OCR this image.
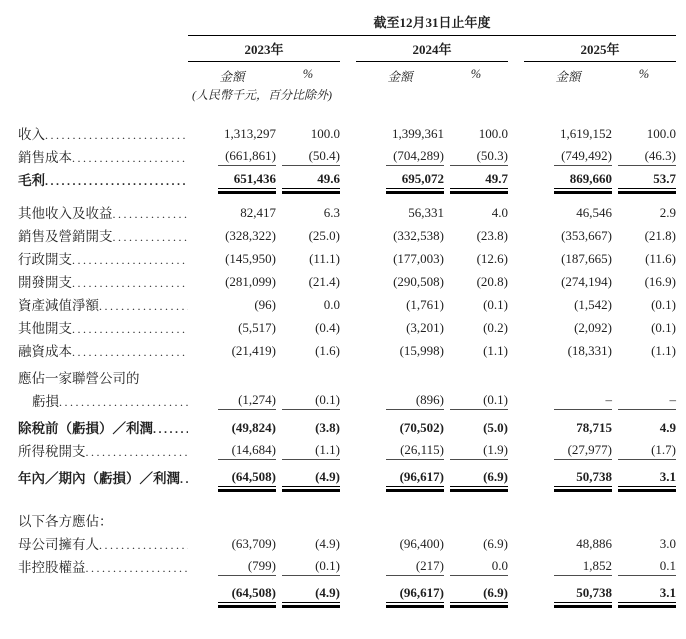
截至12月31日止年度
2023年	2024年	2025年
金額	%	金額	%	金額	%
(人民幣千元，百分比除外)
收入 .....	1,313,297	100.0	1,399,361	100.0	1,619,152	100.0
銷售成本 .....	(661,861)	(50.4)	(704,289)	(50.3)	(749,492)	(46.3)
毛利 .....	651,436	49.6	695,072	49.7	869,660	53.7
其他收入及收益 .....	82,417	6.3	56,331	4.0	46,546	2.9
銷售及營銷開支 .....	(328,322)	(25.0)	(332,538)	(23.8)	(353,667)	(21.8)
行政開支 .....	(145,950)	(11.1)	(177,003)	(12.6)	(187,665)	(11.6)
開發開支 .....	(281,099)	(21.4)	(290,508)	(20.8)	(274,194)	(16.9)
資產減值淨額 .....	(96)	0.0	(1,761)	(0.1)	(1,542)	(0.1)
其他開支 .....	(5,517)	(0.4)	(3,201)	(0.2)	(2,092)	(0.1)
融資成本 .....	(21,419)	(1.6)	(15,998)	(1.1)	(18,331)	(1.1)
應佔一家聯營公司的
虧損 .....	(1,274)	(0.1)	(896)	(0.1)	–	–
除稅前（虧損）／利潤 .....	(49,824)	(3.8)	(70,502)	(5.0)	78,715	4.9
所得稅開支 .....	(14,684)	(1.1)	(26,115)	(1.9)	(27,977)	(1.7)
年內／期內（虧損）／利潤 .....	(64,508)	(4.9)	(96,617)	(6.9)	50,738	3.1
以下各方應佔：
母公司擁有人 .....	(63,709)	(4.9)	(96,400)	(6.9)	48,886	3.0
非控股權益 .....	(799)	(0.1)	(217)	0.0	1,852	0.1
(64,508)	(4.9)	(96,617)	(6.9)	50,738	3.1
